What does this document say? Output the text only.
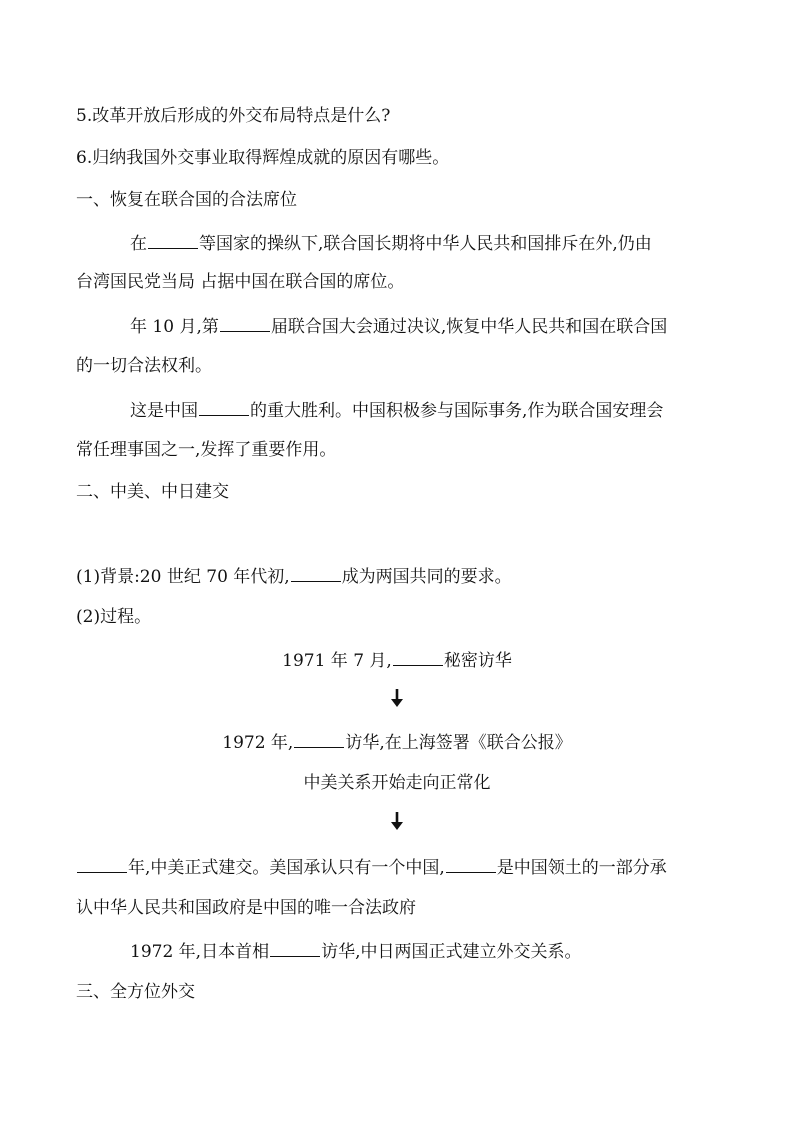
5.改革开放后形成的外交布局特点是什么?
6.归纳我国外交事业取得辉煌成就的原因有哪些。
一、恢复在联合国的合法席位
在	等国家的操纵下,联合国长期将中华人民共和国排斥在外,仍由
台湾国民党当局 占据中国在联合国的席位。
年 10 月,第	届联合国大会通过决议,恢复中华人民共和国在联合国
的一切合法权利。
这是中国	的重大胜利。中国积极参与国际事务,作为联合国安理会
常任理事国之一,发挥了重要作用。
二、中美、中日建交
(1)背景:20 世纪 70 年代初,	成为两国共同的要求。
(2)过程。
1971 年 7 月,	秘密访华
1972 年,	访华,在上海签署《联合公报》
中美关系开始走向正常化
年,中美正式建交。美国承认只有一个中国,	是中国领土的一部分承
认中华人民共和国政府是中国的唯一合法政府
1972 年,日本首相	访华,中日两国正式建立外交关系。
三、全方位外交
